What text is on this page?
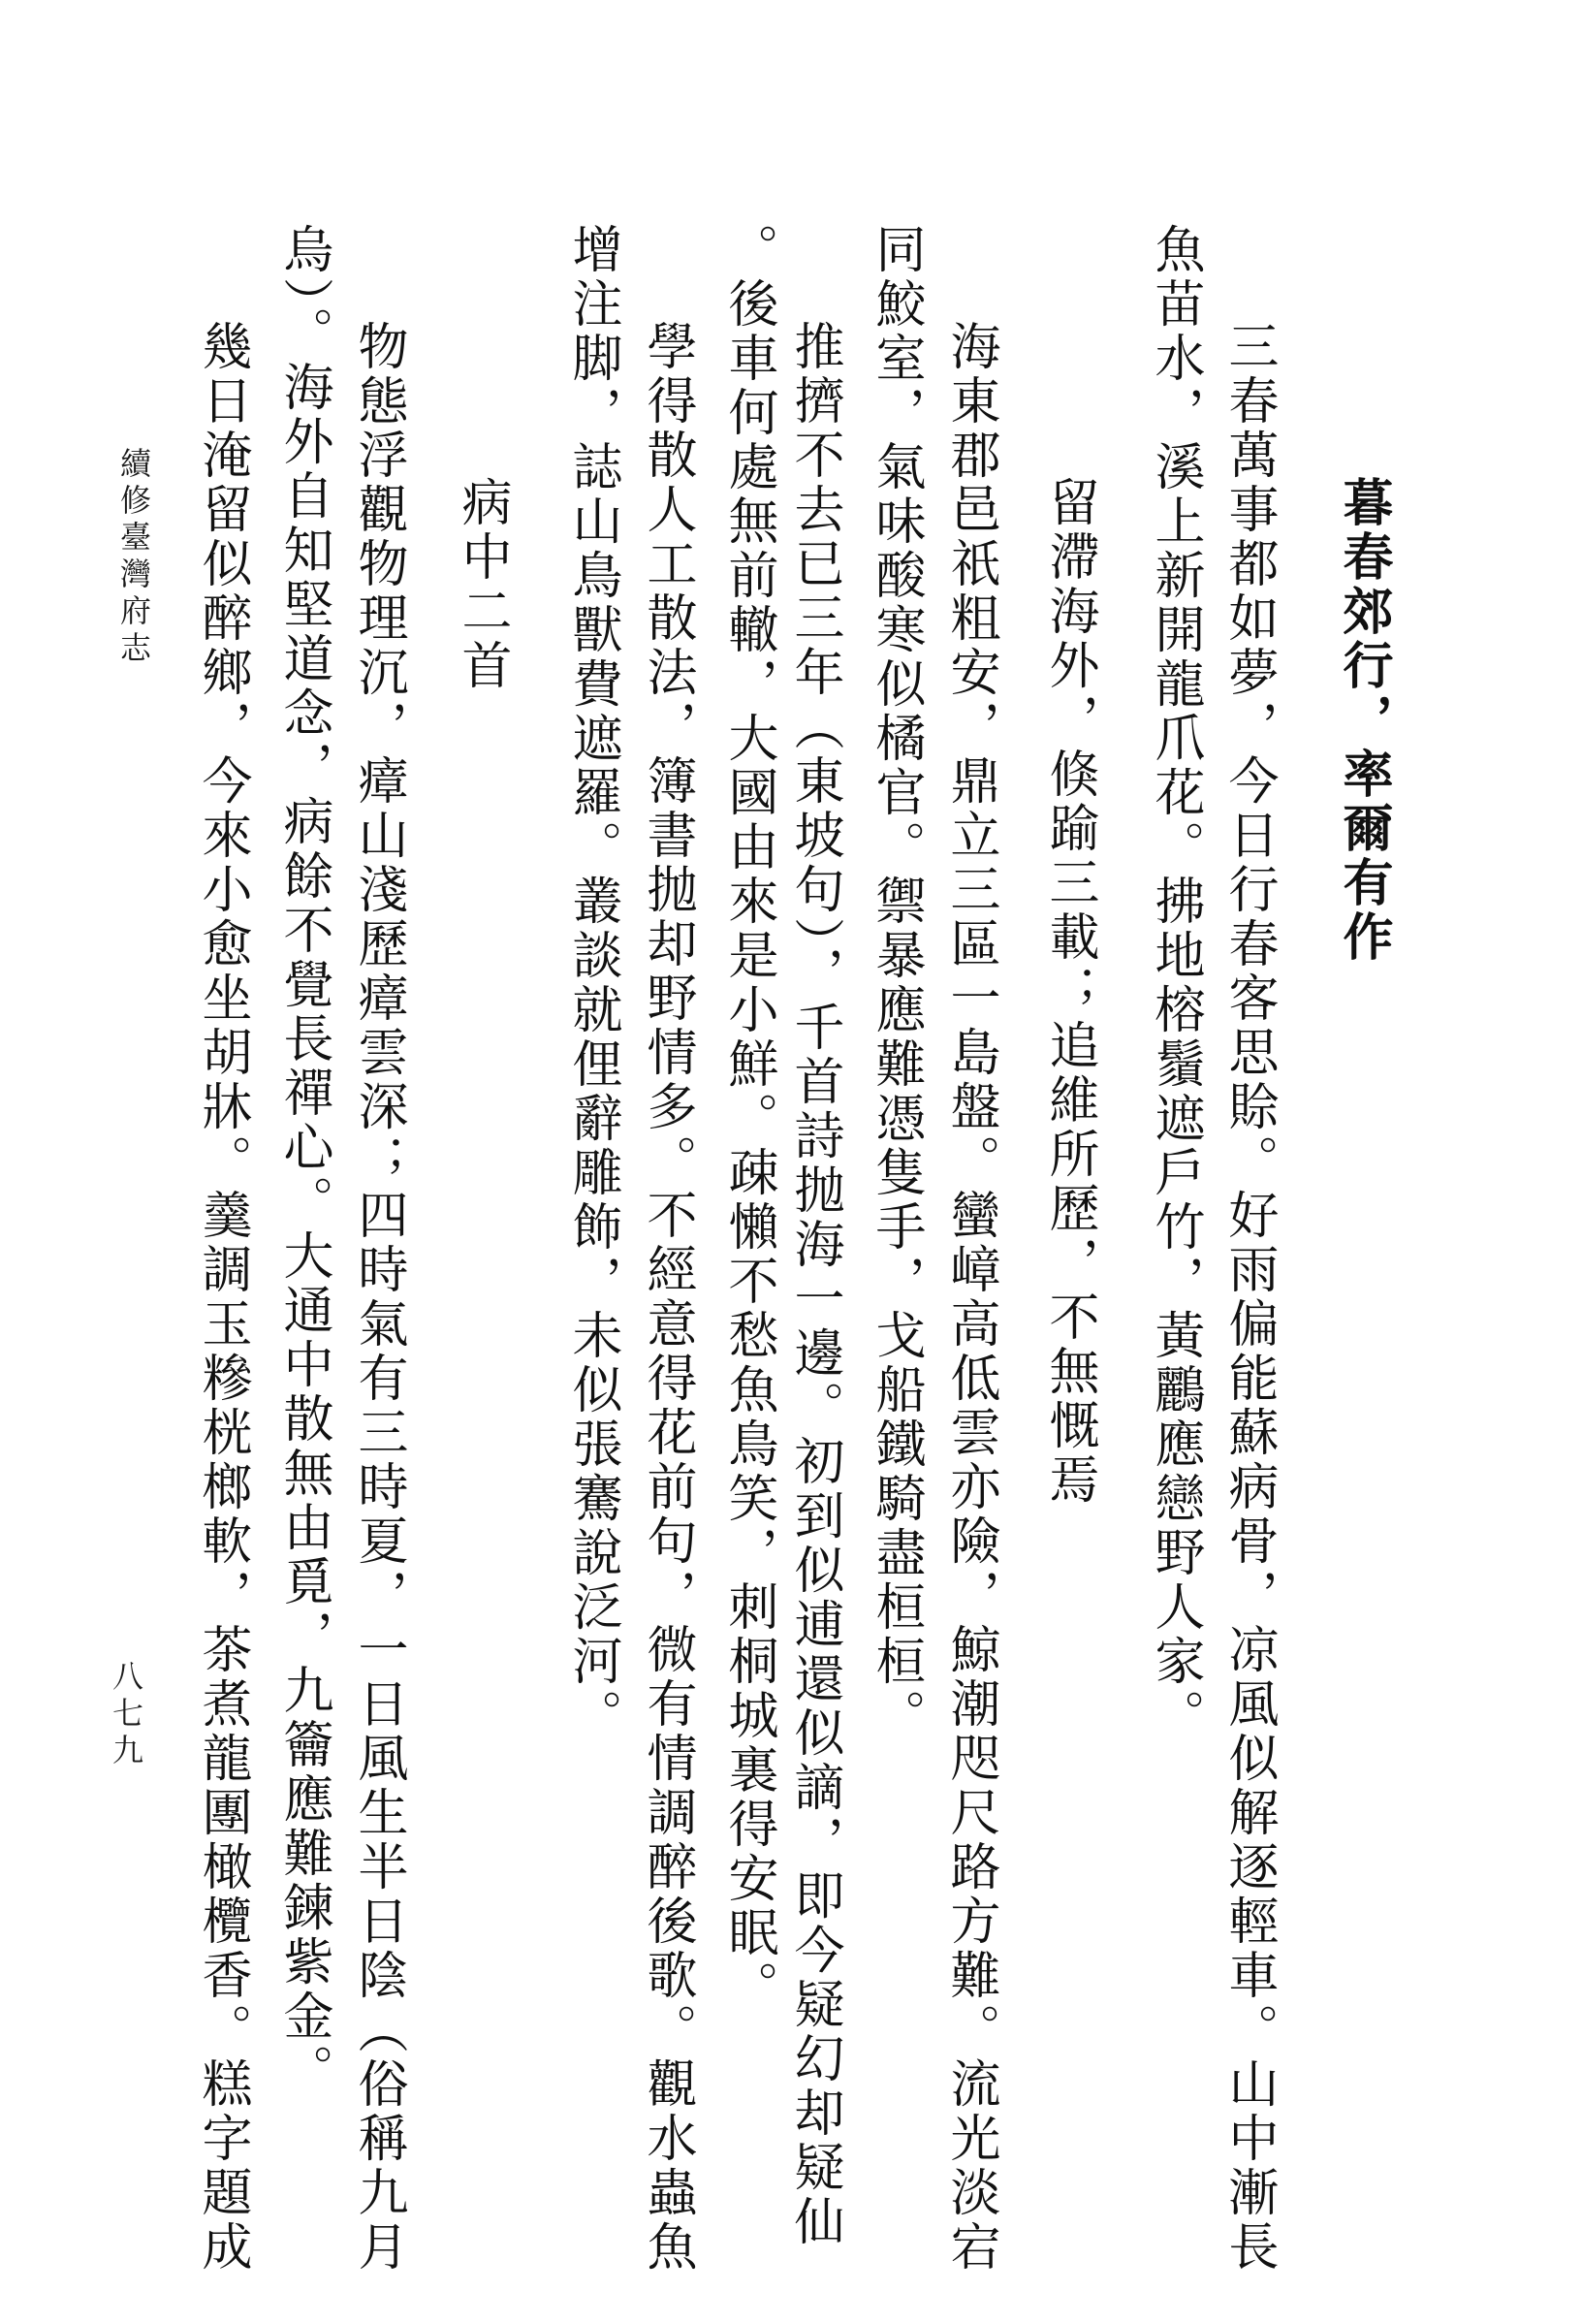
暮春郊行，率爾有作
三春萬事都如夢，今日行春客思賒。好雨偏能蘇病骨，凉風似解逐輕車。山中漸長
魚苗水，溪上新開龍爪花。拂地榕鬚遮戶竹，黃鸝應戀野人家。
留滯海外，倏踰三載；追維所歷，不無慨焉
海東郡邑祇粗安，鼎立三區一島盤。蠻嶂高低雲亦險，鯨潮咫尺路方難。流光淡宕
同鮫室，氣味酸寒似橘官。禦暴應難憑隻手，戈船鐵騎盡桓桓。
推擠不去已三年（東坡句），千首詩抛海一邊。初到似逋還似謫，即今疑幻却疑仙
。後車何處無前轍，大國由來是小鮮。疎懶不愁魚鳥笑，刺桐城裏得安眠。
學得散人工散法，簿書抛却野情多。不經意得花前句，微有情調醉後歌。觀水蟲魚
增注脚，誌山鳥獸費遮羅。叢談就俚辭雕飾，未似張騫說泛河。
病中二首
物態浮觀物理沉，瘴山淺歷瘴雲深；四時氣有三時夏，一日風生半日陰（俗稱九月
烏）。海外自知堅道念，病餘不覺長禪心。大通中散無由覓，九籥應難鍊紫金。
幾日淹留似醉鄉，今來小愈坐胡牀。羹調玉糝桄榔軟，茶煮龍團橄欖香。糕字題成
續修臺灣府志
八七九
